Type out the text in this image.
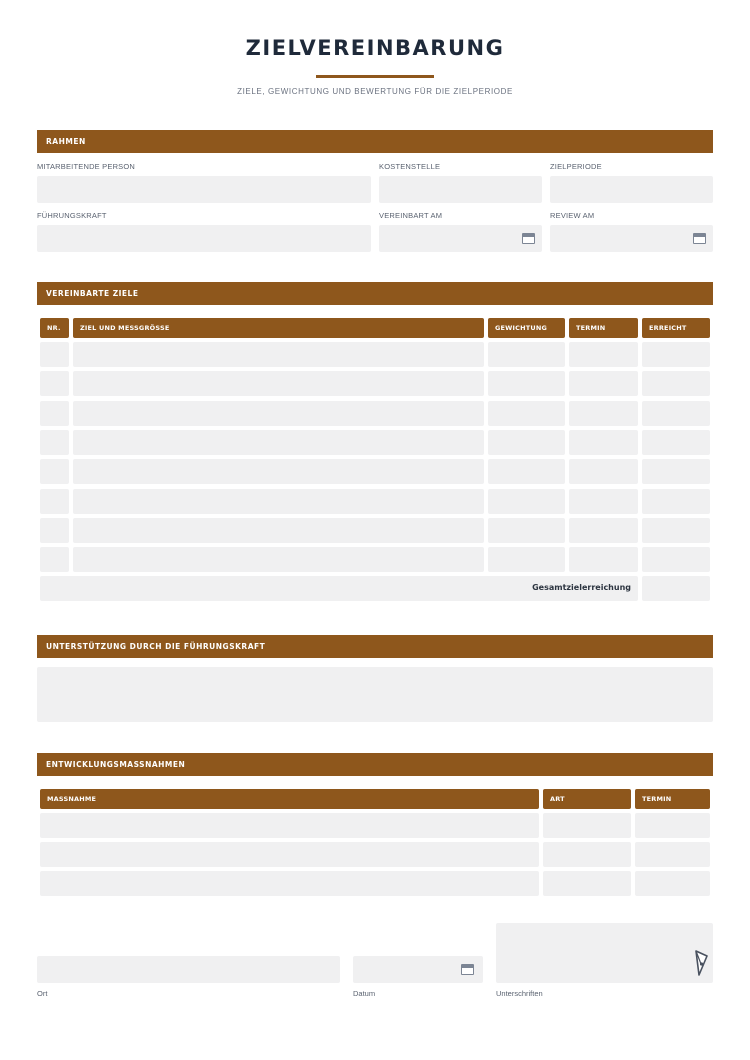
ZIELVEREINBARUNG
ZIELE, GEWICHTUNG UND BEWERTUNG FÜR DIE ZIELPERIODE
RAHMEN
MITARBEITENDE PERSON	KOSTENSTELLE	ZIELPERIODE
FÜHRUNGSKRAFT	VEREINBART AM	REVIEW AM
VEREINBARTE ZIELE
NR.	ZIEL UND MESSGRÖSSE	GEWICHTUNG	TERMIN	ERREICHT
Gesamtzielerreichung
UNTERSTÜTZUNG DURCH DIE FÜHRUNGSKRAFT
ENTWICKLUNGSMASSNAHMEN
MASSNAHME	ART	TERMIN
Ort	Datum	Unterschriften
